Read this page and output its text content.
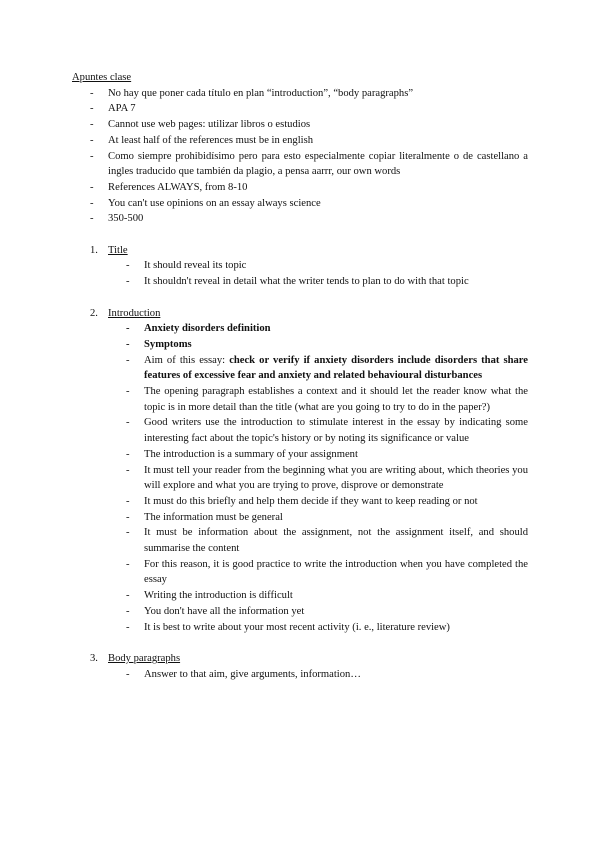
Apuntes clase
- No hay que poner cada título en plan “introduction”, “body paragraphs”
- APA 7
- Cannot use web pages: utilizar libros o estudios
- At least half of the references must be in english
- Como siempre prohibidísimo pero para esto especialmente copiar literalmente o de castellano a ingles traducido que también da plagio, a pensa aarrr, our own words
- References ALWAYS, from 8-10
- You can't use opinions on an essay always science
- 350-500
1. Title
- It should reveal its topic
- It shouldn't reveal in detail what the writer tends to plan to do with that topic
2. Introduction
- Anxiety disorders definition
- Symptoms
- Aim of this essay: check or verify if anxiety disorders include disorders that share features of excessive fear and anxiety and related behavioural disturbances
- The opening paragraph establishes a context and it should let the reader know what the topic is in more detail than the title (what are you going to try to do in the paper?)
- Good writers use the introduction to stimulate interest in the essay by indicating some interesting fact about the topic's history or by noting its significance or value
- The introduction is a summary of your assignment
- It must tell your reader from the beginning what you are writing about, which theories you will explore and what you are trying to prove, disprove or demonstrate
- It must do this briefly and help them decide if they want to keep reading or not
- The information must be general
- It must be information about the assignment, not the assignment itself, and should summarise the content
- For this reason, it is good practice to write the introduction when you have completed the essay
- Writing the introduction is difficult
- You don't have all the information yet
- It is best to write about your most recent activity (i. e., literature review)
3. Body paragraphs
- Answer to that aim, give arguments, information…
